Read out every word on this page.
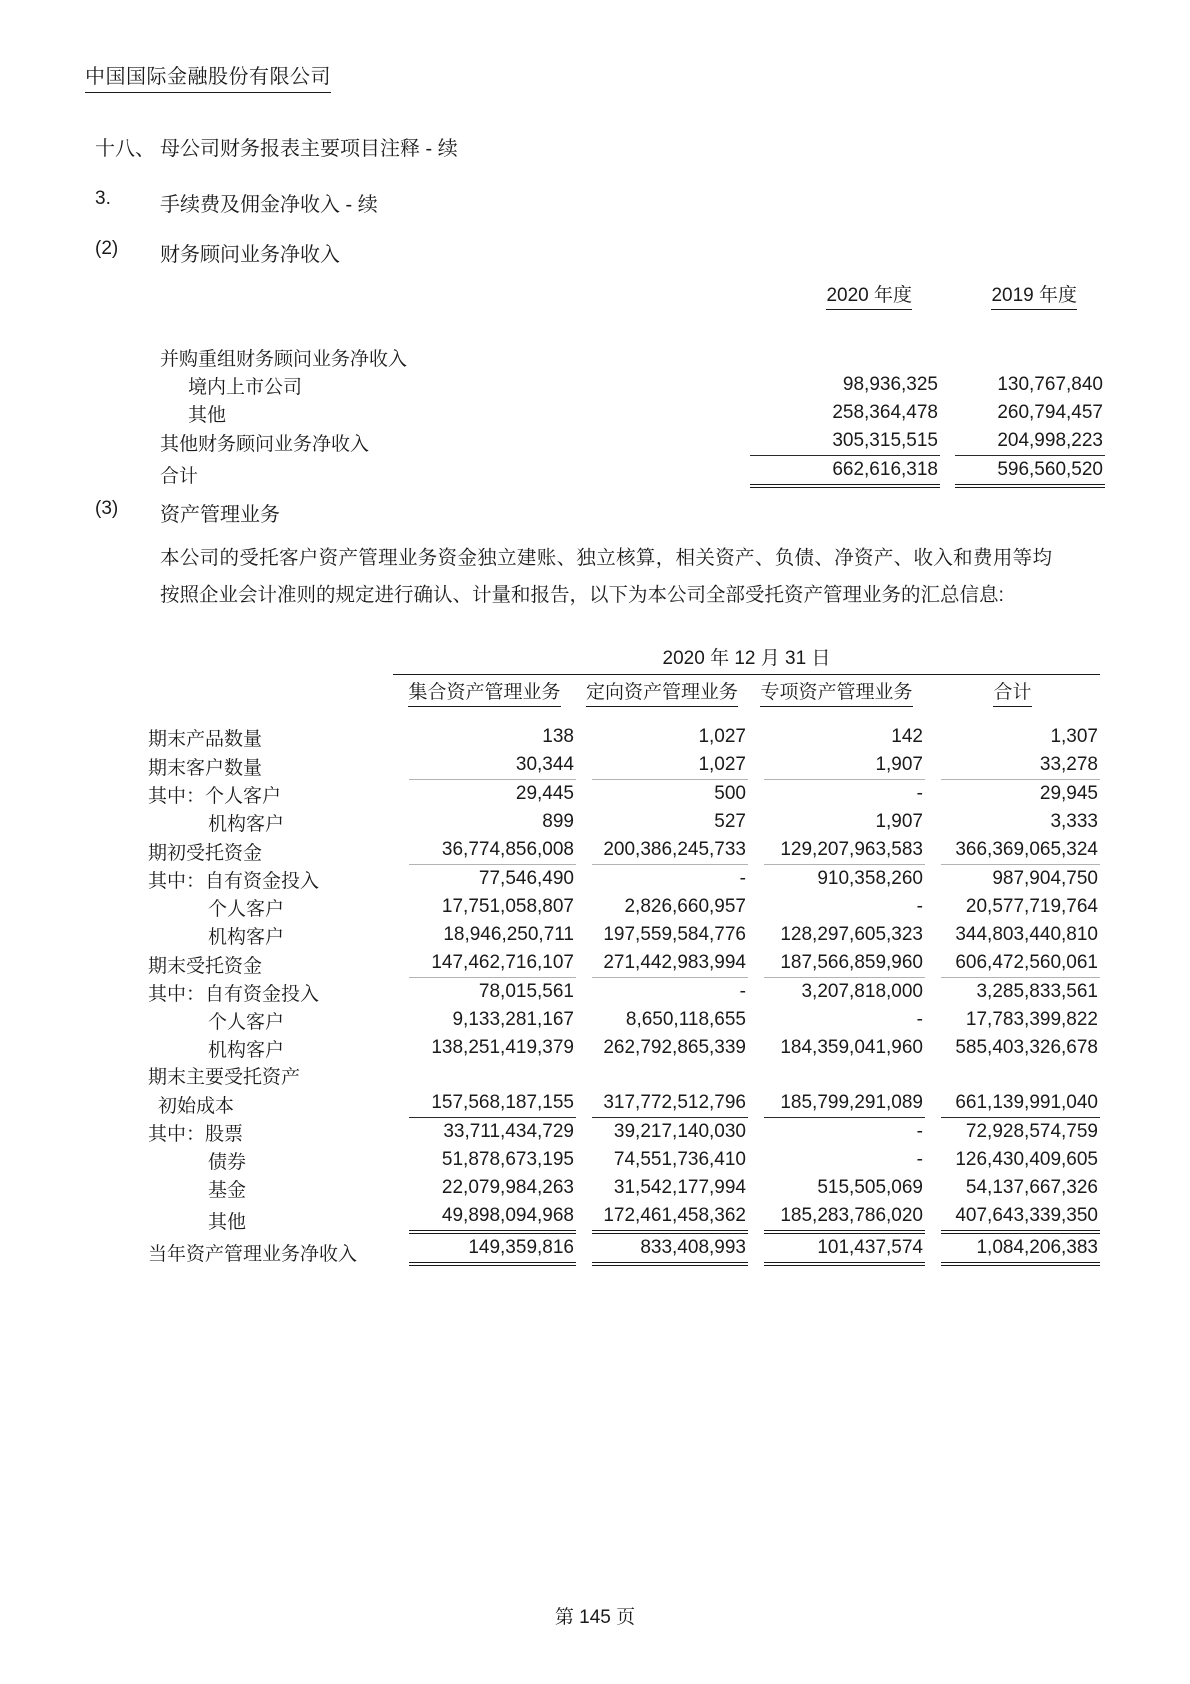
中国国际金融股份有限公司
十八、 母公司财务报表主要项目注释 - 续
3. 手续费及佣金净收入 - 续
(2) 财务顾问业务净收入
	2020 年度	2019 年度

并购重组财务顾问业务净收入	

境内上市公司	98,936,325	130,767,840

其他	258,364,478	260,794,457

其他财务顾问业务净收入	305,315,515	204,998,223

合计	662,616,318	596,560,520
(3) 资产管理业务
本公司的受托客户资产管理业务资金独立建账、独立核算，相关资产、负债、净资产、收入和费用等均按照企业会计准则的规定进行确认、计量和报告，以下为本公司全部受托资产管理业务的汇总信息:
	2020 年 12 月 31 日			
	集合资产管理业务	定向资产管理业务	专项资产管理业务	合计

期末产品数量	138	1,027	142	1,307

期末客户数量	30,344	1,027	1,907	33,278

其中：个人客户	29,445	500	-	29,945

机构客户	899	527	1,907	3,333

期初受托资金	36,774,856,008	200,386,245,733	129,207,963,583	366,369,065,324

其中：自有资金投入	77,546,490	-	910,358,260	987,904,750

个人客户	17,751,058,807	2,826,660,957	-	20,577,719,764

机构客户	18,946,250,711	197,559,584,776	128,297,605,323	344,803,440,810

期末受托资金	147,462,716,107	271,442,983,994	187,566,859,960	606,472,560,061

其中：自有资金投入	78,015,561	-	3,207,818,000	3,285,833,561

个人客户	9,133,281,167	8,650,118,655	-	17,783,399,822

机构客户	138,251,419,379	262,792,865,339	184,359,041,960	585,403,326,678

期末主要受托资产	

初始成本	157,568,187,155	317,772,512,796	185,799,291,089	661,139,991,040

其中：股票	33,711,434,729	39,217,140,030	-	72,928,574,759

债券	51,878,673,195	74,551,736,410	-	126,430,409,605

基金	22,079,984,263	31,542,177,994	515,505,069	54,137,667,326

其他	49,898,094,968	172,461,458,362	185,283,786,020	407,643,339,350

当年资产管理业务净收入	149,359,816	833,408,993	101,437,574	1,084,206,383
第 145 页
